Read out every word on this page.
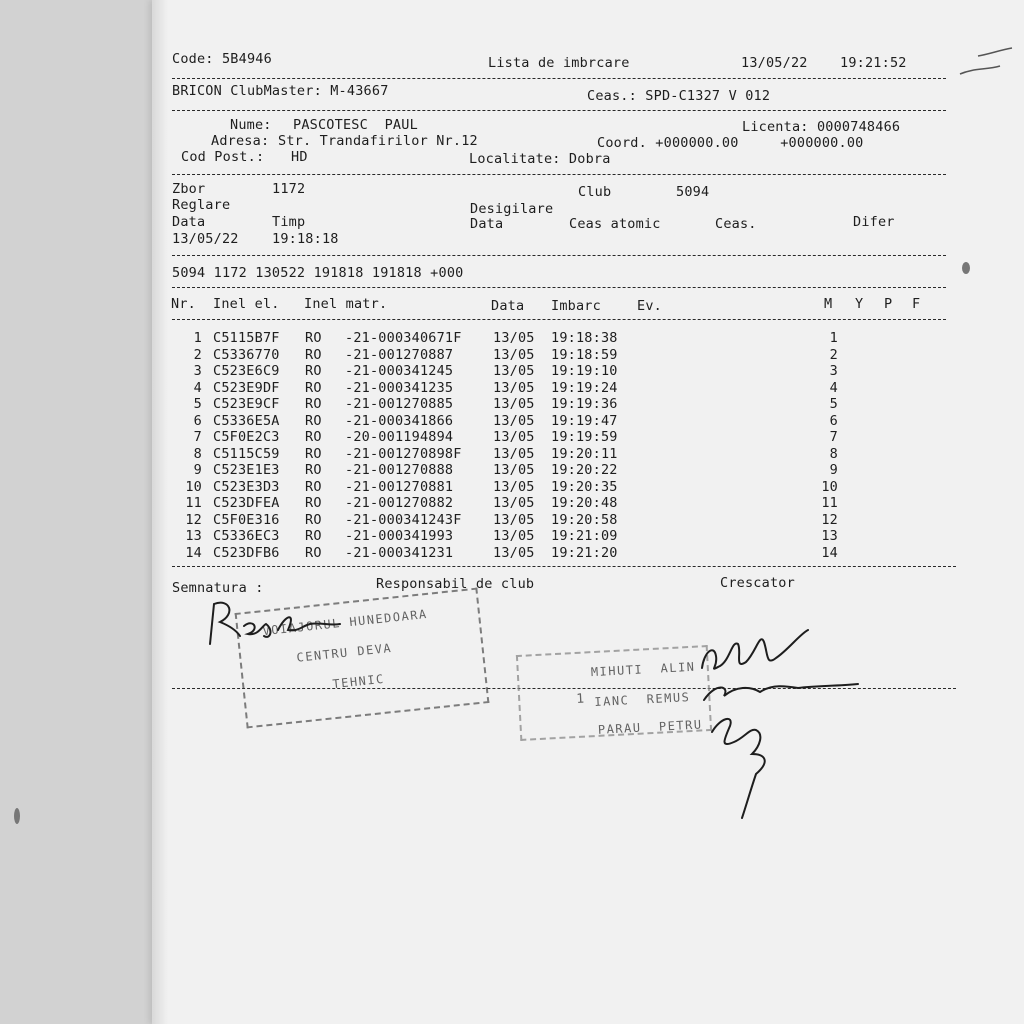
Code: 5B4946	Lista de imbrcare	13/05/22 19:21:52
BRICON ClubMaster: M-43667	Ceas.: SPD-C1327 V 012
Nume: PASCOTESC  PAUL	Licenta: 0000748466
Adresa: Str. Trandafirilor Nr.12	Coord. +000000.00     +000000.00
Cod Post.: HD	Localitate: Dobra
Zbor	1172	Club	5094
Reglare	Desigilare
Data	Timp	Data	Ceas atomic	Ceas.	Difer
13/05/22 19:18:18
5094 1172 130522 191818 191818 +000
Nr. Inel el. Inel matr.	Data Imbarc	Ev.	M Y P F
1 C5115B7F RO -21-000340671F 13/05 19:18:38	1
2 C5336770 RO -21-001270887	13/05 19:18:59	2
3 C523E6C9 RO -21-000341245	13/05 19:19:10	3
4 C523E9DF RO -21-000341235	13/05 19:19:24	4
5 C523E9CF RO -21-001270885	13/05 19:19:36	5
6 C5336E5A RO -21-000341866	13/05 19:19:47	6
7 C5F0E2C3 RO -20-001194894	13/05 19:19:59	7
8 C5115C59 RO -21-001270898F 13/05 19:20:11	8
9 C523E1E3 RO -21-001270888	13/05 19:20:22	9
10 C523E3D3 RO -21-001270881	13/05 19:20:35	10
11 C523DFEA RO -21-001270882	13/05 19:20:48	11
12 C5F0E316 RO -21-000341243F 13/05 19:20:58	12
13 C5336EC3 RO -21-000341993	13/05 19:21:09	13
14 C523DFB6 RO -21-000341231	13/05 19:21:20	14
Semnatura :	Responsabil de club	Crescator
VOIAJORUL HUNEDOARA
CENTRU DEVA
TEHNIC
MIHUTI  ALIN
1 IANC  REMUS
PARAU  PETRU
